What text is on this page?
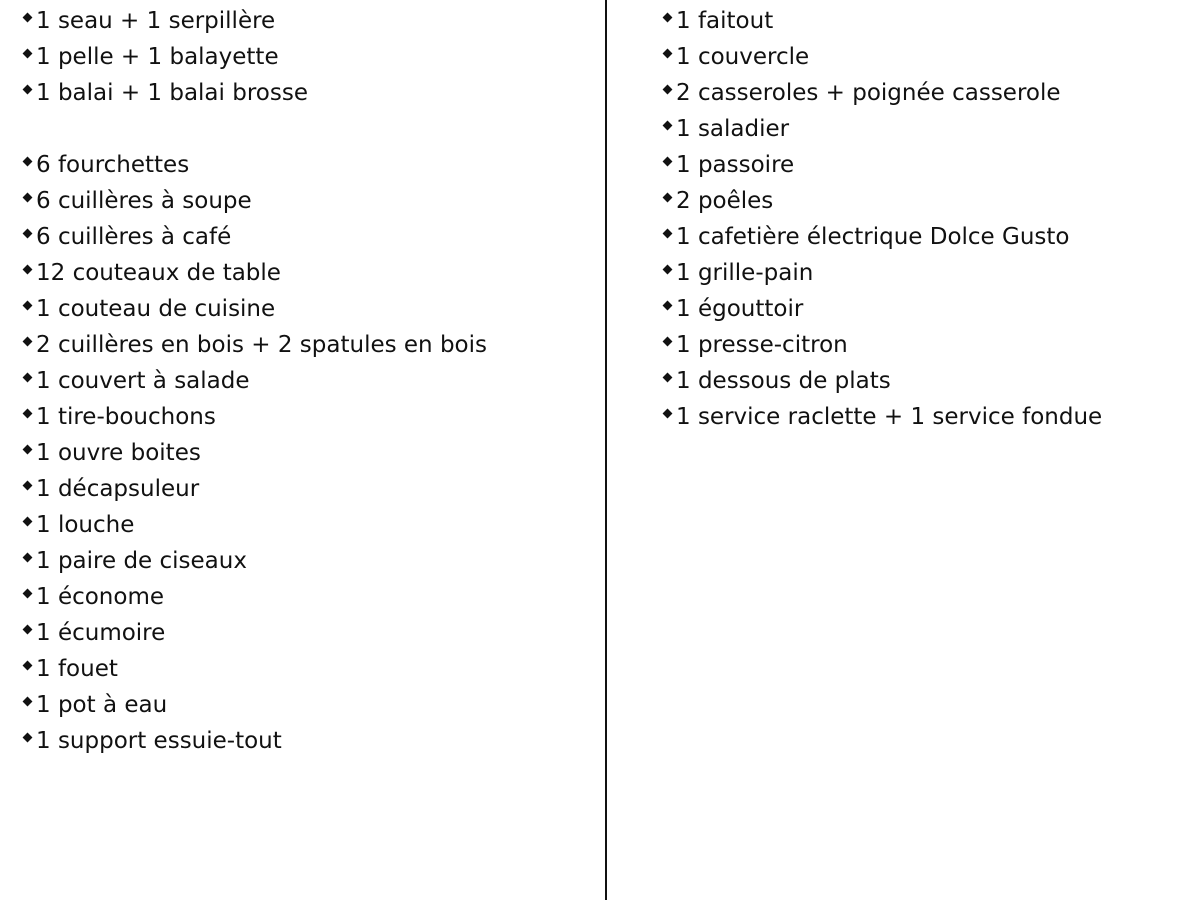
1 seau + 1 serpillère
1 pelle + 1 balayette
1 balai + 1 balai brosse
6 fourchettes
6 cuillères à soupe
6 cuillères à café
12 couteaux de table
1 couteau de cuisine
2 cuillères en bois + 2 spatules en bois
1 couvert à salade
1 tire-bouchons
1 ouvre boites
1 décapsuleur
1 louche
1 paire de ciseaux
1 économe
1 écumoire
1 fouet
1 pot à eau
1 support essuie-tout
1 faitout
1 couvercle
2 casseroles + poignée casserole
1 saladier
1 passoire
2 poêles
1 cafetière électrique Dolce Gusto
1 grille-pain
1 égouttoir
1 presse-citron
1 dessous de plats
1 service raclette + 1 service fondue
